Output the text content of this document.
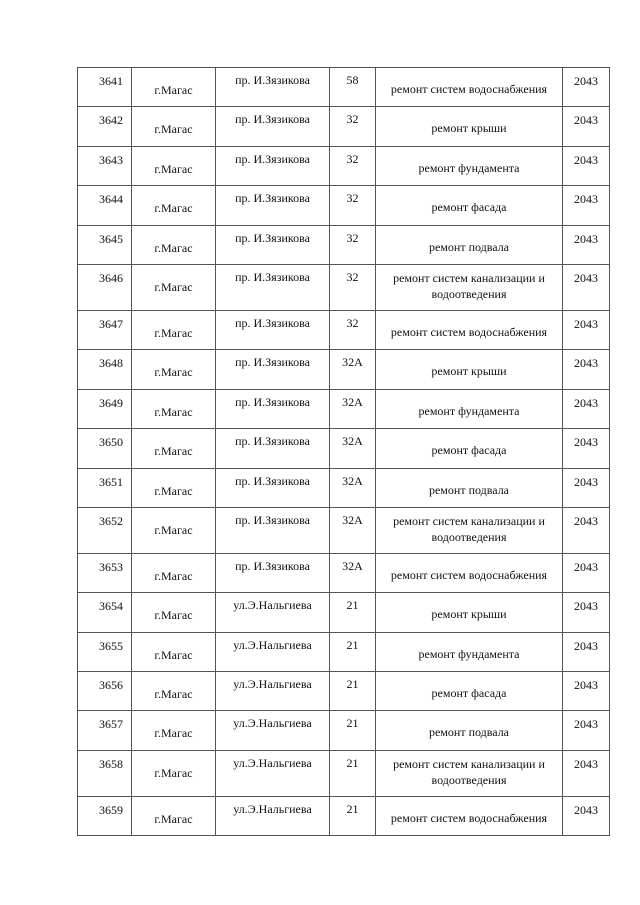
3641	г.Магас	пр. И.Зязикова	58	ремонт систем водоснабжения	2043
3642	г.Магас	пр. И.Зязикова	32	ремонт крыши	2043
3643	г.Магас	пр. И.Зязикова	32	ремонт фундамента	2043
3644	г.Магас	пр. И.Зязикова	32	ремонт фасада	2043
3645	г.Магас	пр. И.Зязикова	32	ремонт подвала	2043
3646	г.Магас	пр. И.Зязикова	32	ремонт систем канализации и водоотведения	2043
3647	г.Магас	пр. И.Зязикова	32	ремонт систем водоснабжения	2043
3648	г.Магас	пр. И.Зязикова	32А	ремонт крыши	2043
3649	г.Магас	пр. И.Зязикова	32А	ремонт фундамента	2043
3650	г.Магас	пр. И.Зязикова	32А	ремонт фасада	2043
3651	г.Магас	пр. И.Зязикова	32А	ремонт подвала	2043
3652	г.Магас	пр. И.Зязикова	32А	ремонт систем канализации и водоотведения	2043
3653	г.Магас	пр. И.Зязикова	32А	ремонт систем водоснабжения	2043
3654	г.Магас	ул.Э.Нальгиева	21	ремонт крыши	2043
3655	г.Магас	ул.Э.Нальгиева	21	ремонт фундамента	2043
3656	г.Магас	ул.Э.Нальгиева	21	ремонт фасада	2043
3657	г.Магас	ул.Э.Нальгиева	21	ремонт подвала	2043
3658	г.Магас	ул.Э.Нальгиева	21	ремонт систем канализации и водоотведения	2043
3659	г.Магас	ул.Э.Нальгиева	21	ремонт систем водоснабжения	2043
